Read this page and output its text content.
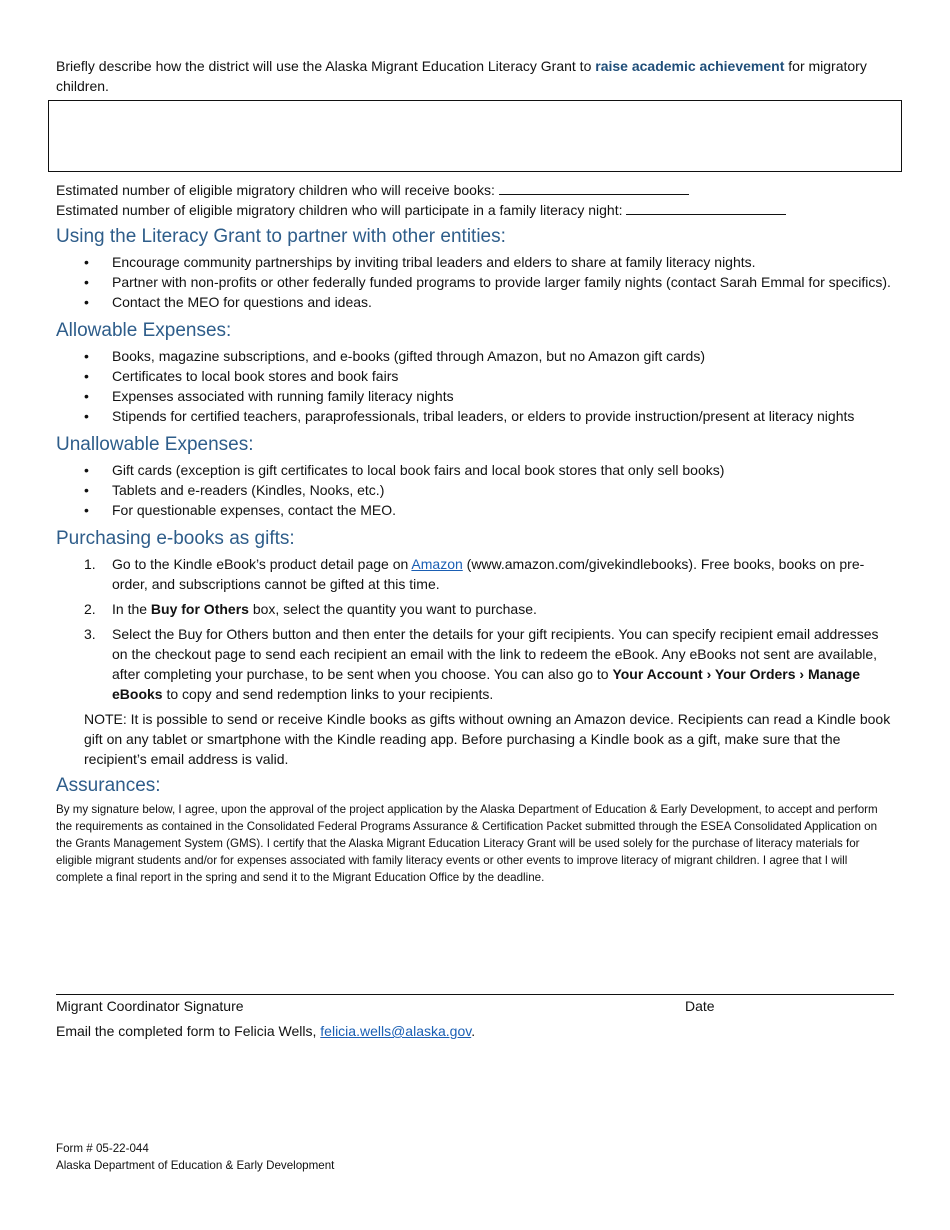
Briefly describe how the district will use the Alaska Migrant Education Literacy Grant to raise academic achievement for migratory children.

Estimated number of eligible migratory children who will receive books:
Estimated number of eligible migratory children who will participate in a family literacy night:
Using the Literacy Grant to partner with other entities:
• Encourage community partnerships by inviting tribal leaders and elders to share at family literacy nights.
• Partner with non-profits or other federally funded programs to provide larger family nights (contact Sarah Emmal for specifics).
• Contact the MEO for questions and ideas.
Allowable Expenses:
• Books, magazine subscriptions, and e-books (gifted through Amazon, but no Amazon gift cards)
• Certificates to local book stores and book fairs
• Expenses associated with running family literacy nights
• Stipends for certified teachers, paraprofessionals, tribal leaders, or elders to provide instruction/present at literacy nights
Unallowable Expenses:
• Gift cards (exception is gift certificates to local book fairs and local book stores that only sell books)
• Tablets and e-readers (Kindles, Nooks, etc.)
• For questionable expenses, contact the MEO.
Purchasing e-books as gifts:
1. Go to the Kindle eBook’s product detail page on Amazon (www.amazon.com/givekindlebooks). Free books, books on pre-order, and subscriptions cannot be gifted at this time.
2. In the Buy for Others box, select the quantity you want to purchase.
3. Select the Buy for Others button and then enter the details for your gift recipients. You can specify recipient email addresses on the checkout page to send each recipient an email with the link to redeem the eBook. Any eBooks not sent are available, after completing your purchase, to be sent when you choose. You can also go to Your Account › Your Orders › Manage eBooks to copy and send redemption links to your recipients.

NOTE: It is possible to send or receive Kindle books as gifts without owning an Amazon device. Recipients can read a Kindle book gift on any tablet or smartphone with the Kindle reading app. Before purchasing a Kindle book as a gift, make sure that the recipient’s email address is valid.

Assurances:

By my signature below, I agree, upon the approval of the project application by the Alaska Department of Education & Early Development, to accept and perform the requirements as contained in the Consolidated Federal Programs Assurance & Certification Packet submitted through the ESEA Consolidated Application on the Grants Management System (GMS). I certify that the Alaska Migrant Education Literacy Grant will be used solely for the purchase of literacy materials for eligible migrant students and/or for expenses associated with family literacy events or other events to improve literacy of migrant children. I agree that I will complete a final report in the spring and send it to the Migrant Education Office by the deadline.

Migrant Coordinator Signature	Date
Email the completed form to Felicia Wells, felicia.wells@alaska.gov.
Form # 05-22-044
Alaska Department of Education & Early Development
